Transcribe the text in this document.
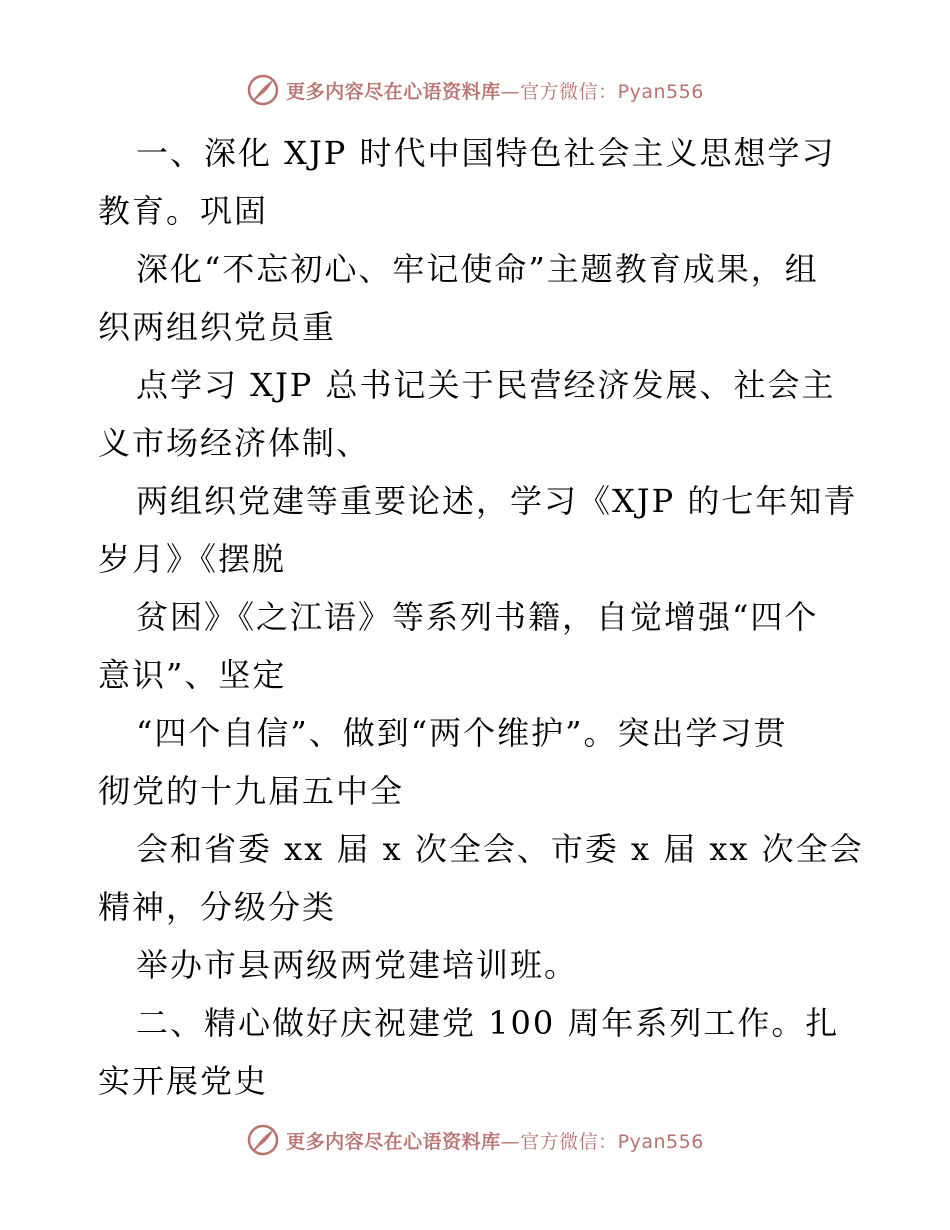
更多内容尽在心语资料库—官方微信：Pyan556
一、深化 XJP 时代中国特色社会主义思想学习
教育。巩固
深化“不忘初心、牢记使命”主题教育成果，组
织两组织党员重
点学习 XJP 总书记关于民营经济发展、社会主
义市场经济体制、
两组织党建等重要论述，学习《XJP 的七年知青
岁月》《摆脱
贫困》《之江语》等系列书籍，自觉增强“四个
意识”、坚定
“四个自信”、做到“两个维护”。突出学习贯
彻党的十九届五中全
会和省委 xx 届 x 次全会、市委 x 届 xx 次全会
精神，分级分类
举办市县两级两党建培训班。
二、精心做好庆祝建党 100 周年系列工作。扎
实开展党史
更多内容尽在心语资料库—官方微信：Pyan556
